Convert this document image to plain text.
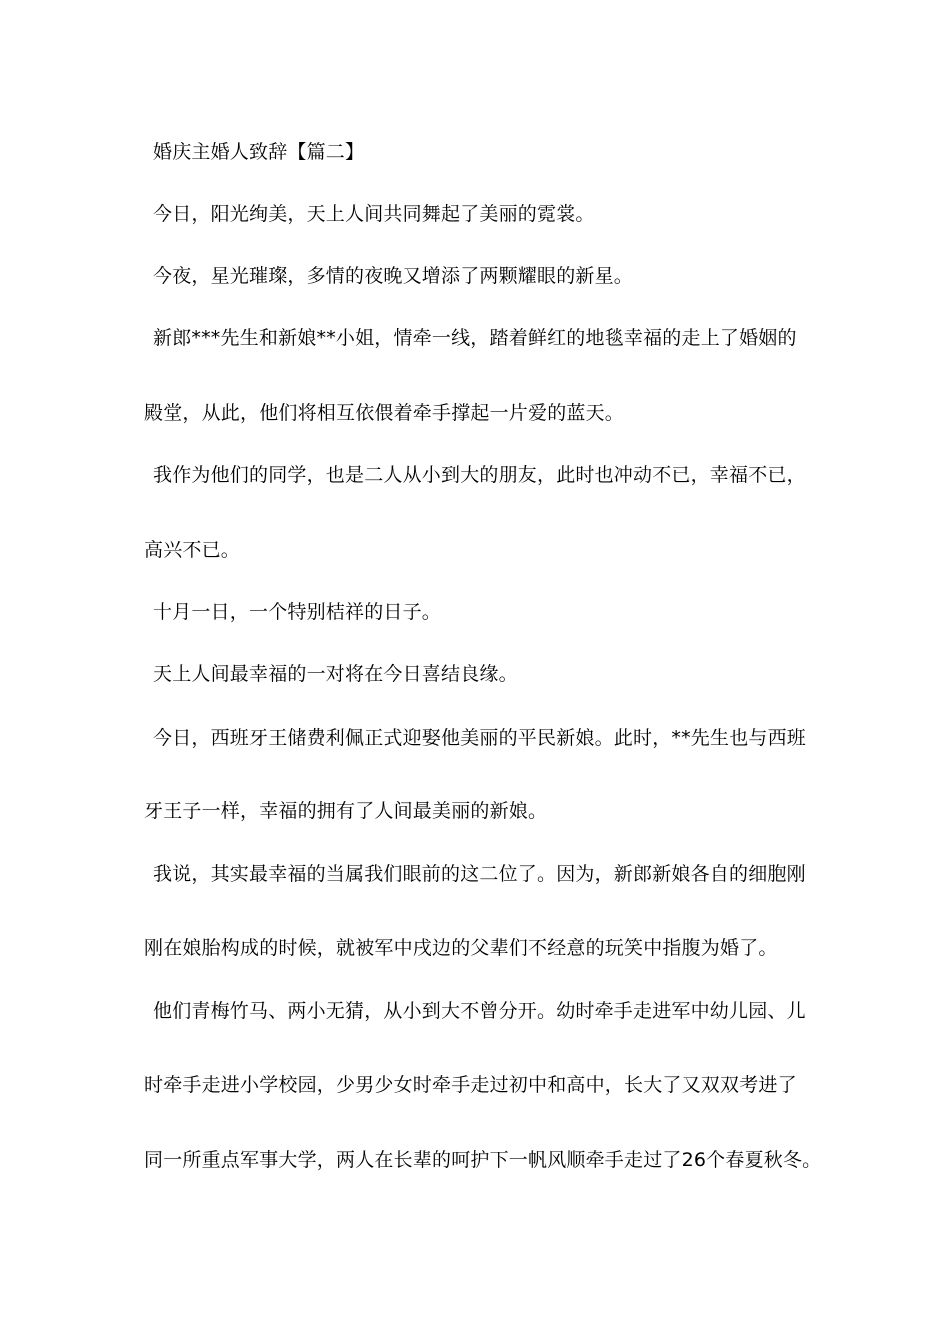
婚庆主婚人致辞【篇二】
今日，阳光绚美，天上人间共同舞起了美丽的霓裳。
今夜，星光璀璨，多情的夜晚又增添了两颗耀眼的新星。
新郎***先生和新娘**小姐，情牵一线，踏着鲜红的地毯幸福的走上了婚姻的
殿堂，从此，他们将相互依偎着牵手撑起一片爱的蓝天。
我作为他们的同学，也是二人从小到大的朋友，此时也冲动不已，幸福不已，
高兴不已。
十月一日，一个特别桔祥的日子。
天上人间最幸福的一对将在今日喜结良缘。
今日，西班牙王储费利佩正式迎娶他美丽的平民新娘。此时，**先生也与西班
牙王子一样，幸福的拥有了人间最美丽的新娘。
我说，其实最幸福的当属我们眼前的这二位了。因为，新郎新娘各自的细胞刚
刚在娘胎构成的时候，就被军中戌边的父辈们不经意的玩笑中指腹为婚了。
他们青梅竹马、两小无猜，从小到大不曾分开。幼时牵手走进军中幼儿园、儿
时牵手走进小学校园，少男少女时牵手走过初中和高中，长大了又双双考进了
同一所重点军事大学，两人在长辈的呵护下一帆风顺牵手走过了26个春夏秋冬。
